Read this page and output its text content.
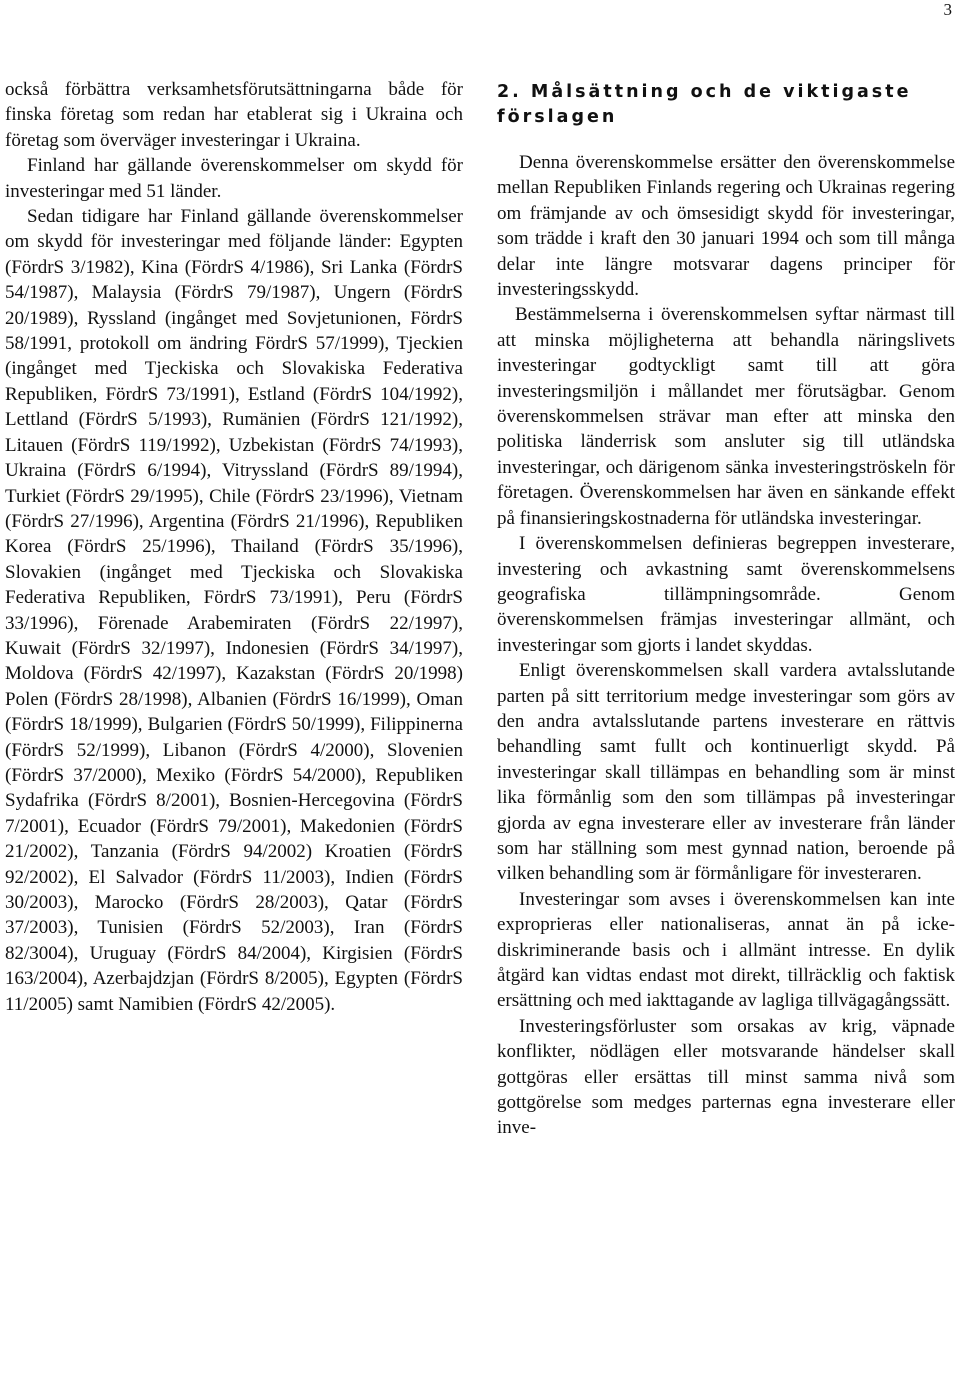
3

också förbättra verksamhetsförutsättningarna både för finska företag som redan har etablerat sig i Ukraina och företag som överväger investeringar i Ukraina.

Finland har gällande överenskommelser om skydd för investeringar med 51 länder.

Sedan tidigare har Finland gällande överenskommelser om skydd för investeringar med följande länder: Egypten (FördrS 3/1982), Kina (FördrS 4/1986), Sri Lanka (FördrS 54/1987), Malaysia (FördrS 79/1987), Ungern (FördrS 20/1989), Ryssland (ingånget med Sovjetunionen, FördrS 58/1991, protokoll om ändring FördrS 57/1999), Tjeckien (ingånget med Tjeckiska och Slovakiska Federativa Republiken, FördrS 73/1991), Estland (FördrS 104/1992), Lettland (FördrS 5/1993), Rumänien (FördrS 121/1992), Litauen (FördrS 119/1992), Uzbekistan (FördrS 74/1993), Ukraina (FördrS 6/1994), Vitryssland (FördrS 89/1994), Turkiet (FördrS 29/1995), Chile (FördrS 23/1996), Vietnam (FördrS 27/1996), Argentina (FördrS 21/1996), Republiken Korea (FördrS 25/1996), Thailand (FördrS 35/1996), Slovakien (ingånget med Tjeckiska och Slovakiska Federativa Republiken, FördrS 73/1991), Peru (FördrS 33/1996), Förenade Arabemiraten (FördrS 22/1997), Kuwait (FördrS 32/1997), Indonesien (FördrS 34/1997), Moldova (FördrS 42/1997), Kazakstan (FördrS 20/1998) Polen (FördrS 28/1998), Albanien (FördrS 16/1999), Oman (FördrS 18/1999), Bulgarien (FördrS 50/1999), Filippinerna (FördrS 52/1999), Libanon (FördrS 4/2000), Slovenien (FördrS 37/2000), Mexiko (FördrS 54/2000), Republiken Sydafrika (FördrS 8/2001), Bosnien-Hercegovina (FördrS 7/2001), Ecuador (FördrS 79/2001), Makedonien (FördrS 21/2002), Tanzania (FördrS 94/2002) Kroatien (FördrS 92/2002), El Salvador (FördrS 11/2003), Indien (FördrS 30/2003), Marocko (FördrS 28/2003), Qatar (FördrS 37/2003), Tunisien (FördrS 52/2003), Iran (FördrS 82/3004), Uruguay (FördrS 84/2004), Kirgisien (FördrS 163/2004), Azerbajdzjan (FördrS 8/2005), Egypten (FördrS 11/2005) samt Namibien (FördrS 42/2005).

2. Målsättning och de viktigaste förslagen

Denna överenskommelse ersätter den överenskommelse mellan Republiken Finlands regering och Ukrainas regering om främjande av och ömsesidigt skydd för investeringar, som trädde i kraft den 30 januari 1994 och som till många delar inte längre motsvarar dagens principer för investeringsskydd.

Bestämmelserna i överenskommelsen syftar närmast till att minska möjligheterna att behandla näringslivets investeringar godtyckligt samt till att göra investeringsmiljön i mållandet mer förutsägbar. Genom överenskommelsen strävar man efter att minska den politiska länderrisk som ansluter sig till utländska investeringar, och därigenom sänka investeringströskeln för företagen. Överenskommelsen har även en sänkande effekt på finansieringskostnaderna för utländska investeringar.

I överenskommelsen definieras begreppen investerare, investering och avkastning samt överenskommelsens geografiska tillämpningsområde. Genom överenskommelsen främjas investeringar allmänt, och investeringar som gjorts i landet skyddas.

Enligt överenskommelsen skall vardera avtalsslutande parten på sitt territorium medge investeringar som görs av den andra avtalsslutande partens investerare en rättvis behandling samt fullt och kontinuerligt skydd. På investeringar skall tillämpas en behandling som är minst lika förmånlig som den som tillämpas på investeringar gjorda av egna investerare eller av investerare från länder som har ställning som mest gynnad nation, beroende på vilken behandling som är förmånligare för investeraren.

Investeringar som avses i överenskommelsen kan inte exproprieras eller nationaliseras, annat än på icke-diskriminerande basis och i allmänt intresse. En dylik åtgärd kan vidtas endast mot direkt, tillräcklig och faktisk ersättning och med iakttagande av lagliga tillvägagångssätt.

Investeringsförluster som orsakas av krig, väpnade konflikter, nödlägen eller motsvarande händelser skall gottgöras eller ersättas till minst samma nivå som gottgörelse som medges parternas egna investerare eller inve-
